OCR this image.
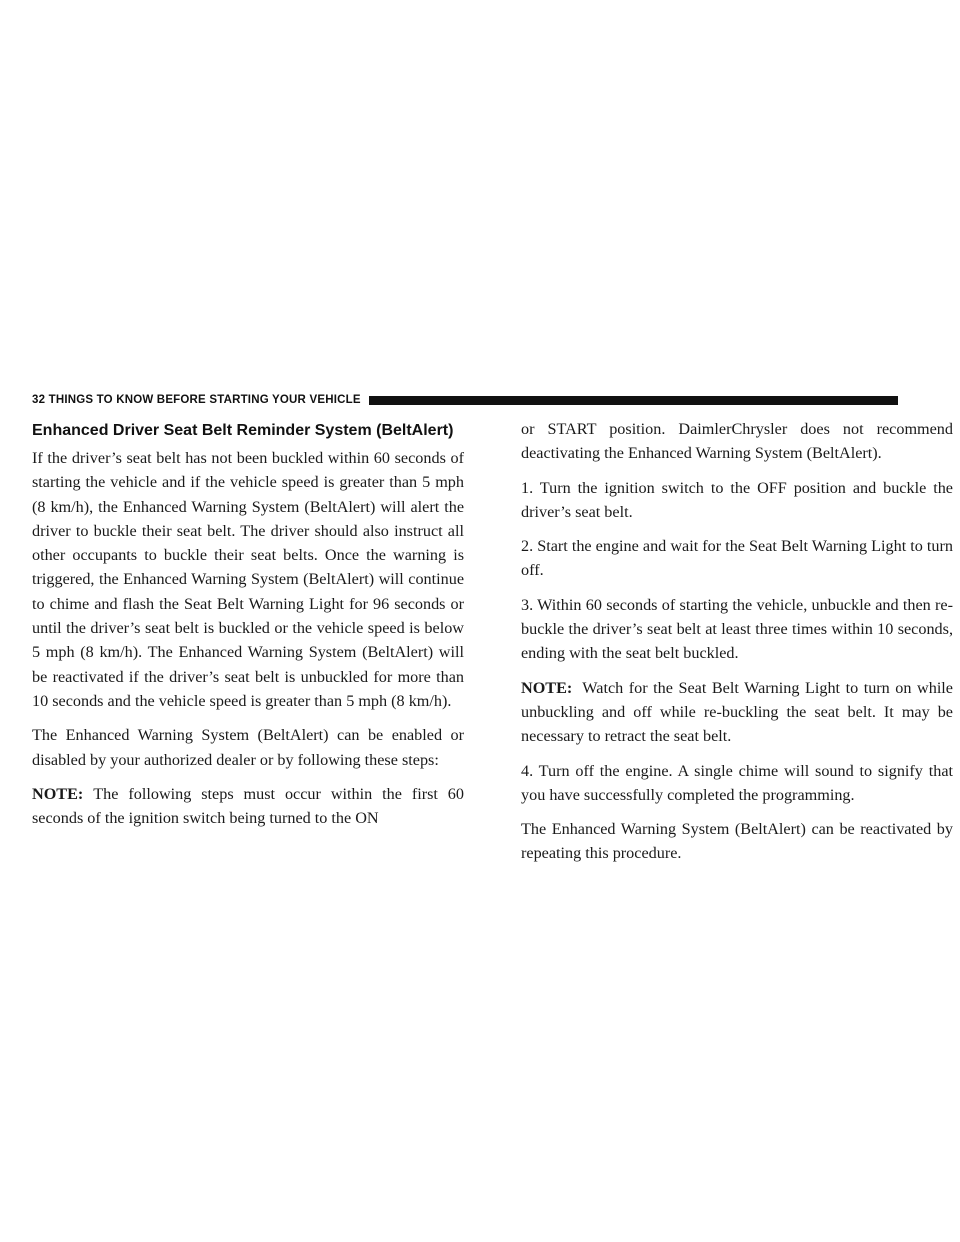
32 THINGS TO KNOW BEFORE STARTING YOUR VEHICLE
Enhanced Driver Seat Belt Reminder System (BeltAlert)

If the driver’s seat belt has not been buckled within 60 seconds of starting the vehicle and if the vehicle speed is greater than 5 mph (8 km/h), the Enhanced Warning System (BeltAlert) will alert the driver to buckle their seat belt. The driver should also instruct all other occupants to buckle their seat belts. Once the warning is triggered, the Enhanced Warning System (BeltAlert) will continue to chime and flash the Seat Belt Warning Light for 96 seconds or until the driver’s seat belt is buckled or the vehicle speed is below 5 mph (8 km/h). The Enhanced Warning System (BeltAlert) will be reactivated if the driver’s seat belt is unbuckled for more than 10 seconds and the vehicle speed is greater than 5 mph (8 km/h).

The Enhanced Warning System (BeltAlert) can be enabled or disabled by your authorized dealer or by following these steps:

NOTE: The following steps must occur within the first 60 seconds of the ignition switch being turned to the ON

or START position. DaimlerChrysler does not recommend deactivating the Enhanced Warning System (BeltAlert).

1. Turn the ignition switch to the OFF position and buckle the driver’s seat belt.

2. Start the engine and wait for the Seat Belt Warning Light to turn off.

3. Within 60 seconds of starting the vehicle, unbuckle and then re-buckle the driver’s seat belt at least three times within 10 seconds, ending with the seat belt buckled.

NOTE: Watch for the Seat Belt Warning Light to turn on while unbuckling and off while re-buckling the seat belt. It may be necessary to retract the seat belt.

4. Turn off the engine. A single chime will sound to signify that you have successfully completed the programming.

The Enhanced Warning System (BeltAlert) can be reactivated by repeating this procedure.
